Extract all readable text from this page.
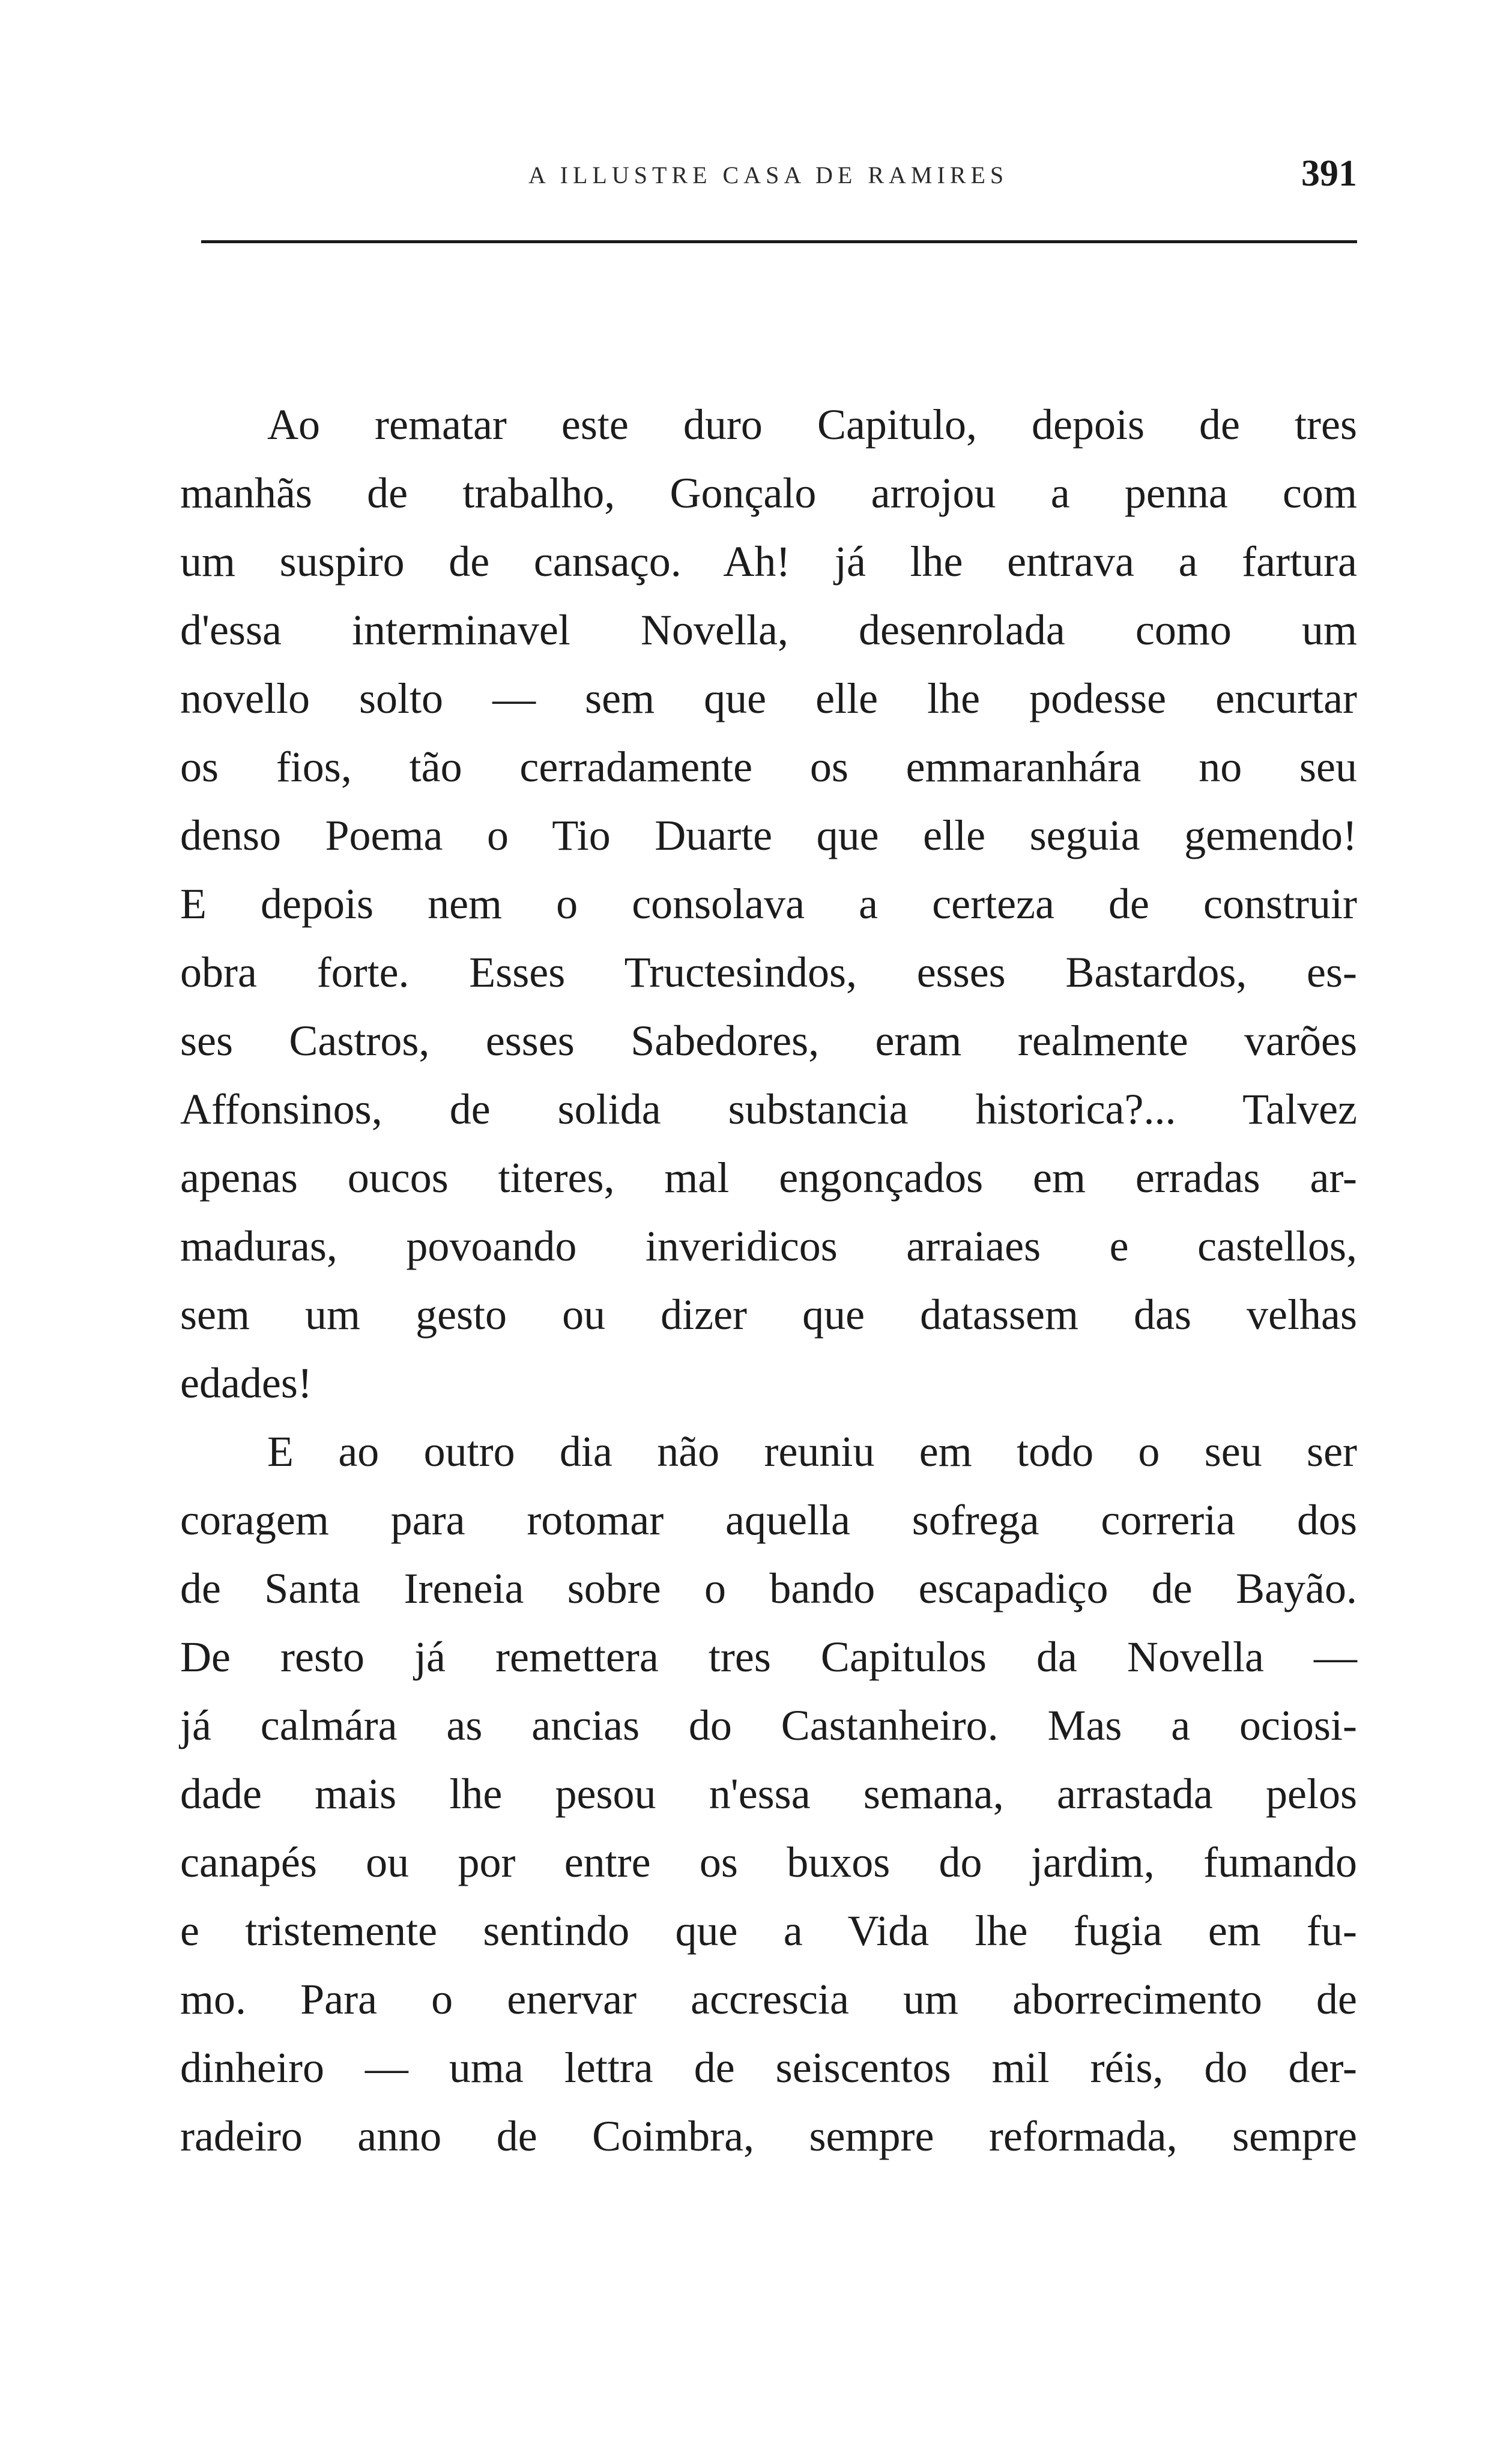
A ILLUSTRE CASA DE RAMIRES	391
Ao rematar este duro Capitulo, depois de tres
manhãs de trabalho, Gonçalo arrojou a penna com
um suspiro de cansaço. Ah! já lhe entrava a fartura
d'essa interminavel Novella, desenrolada como um
novello solto — sem que elle lhe podesse encurtar
os fios, tão cerradamente os emmaranhára no seu
denso Poema o Tio Duarte que elle seguia gemendo!
E depois nem o consolava a certeza de construir
obra forte. Esses Tructesindos, esses Bastardos, es-
ses Castros, esses Sabedores, eram realmente varões
Affonsinos, de solida substancia historica?... Talvez
apenas oucos titeres, mal engonçados em erradas ar-
maduras, povoando inveridicos arraiaes e castellos,
sem um gesto ou dizer que datassem das velhas
edades!
E ao outro dia não reuniu em todo o seu ser
coragem para rotomar aquella sofrega correria dos
de Santa Ireneia sobre o bando escapadiço de Bayão.
De resto já remettera tres Capitulos da Novella —
já calmára as ancias do Castanheiro. Mas a ociosi-
dade mais lhe pesou n'essa semana, arrastada pelos
canapés ou por entre os buxos do jardim, fumando
e tristemente sentindo que a Vida lhe fugia em fu-
mo. Para o enervar accrescia um aborrecimento de
dinheiro — uma lettra de seiscentos mil réis, do der-
radeiro anno de Coimbra, sempre reformada, sempre
